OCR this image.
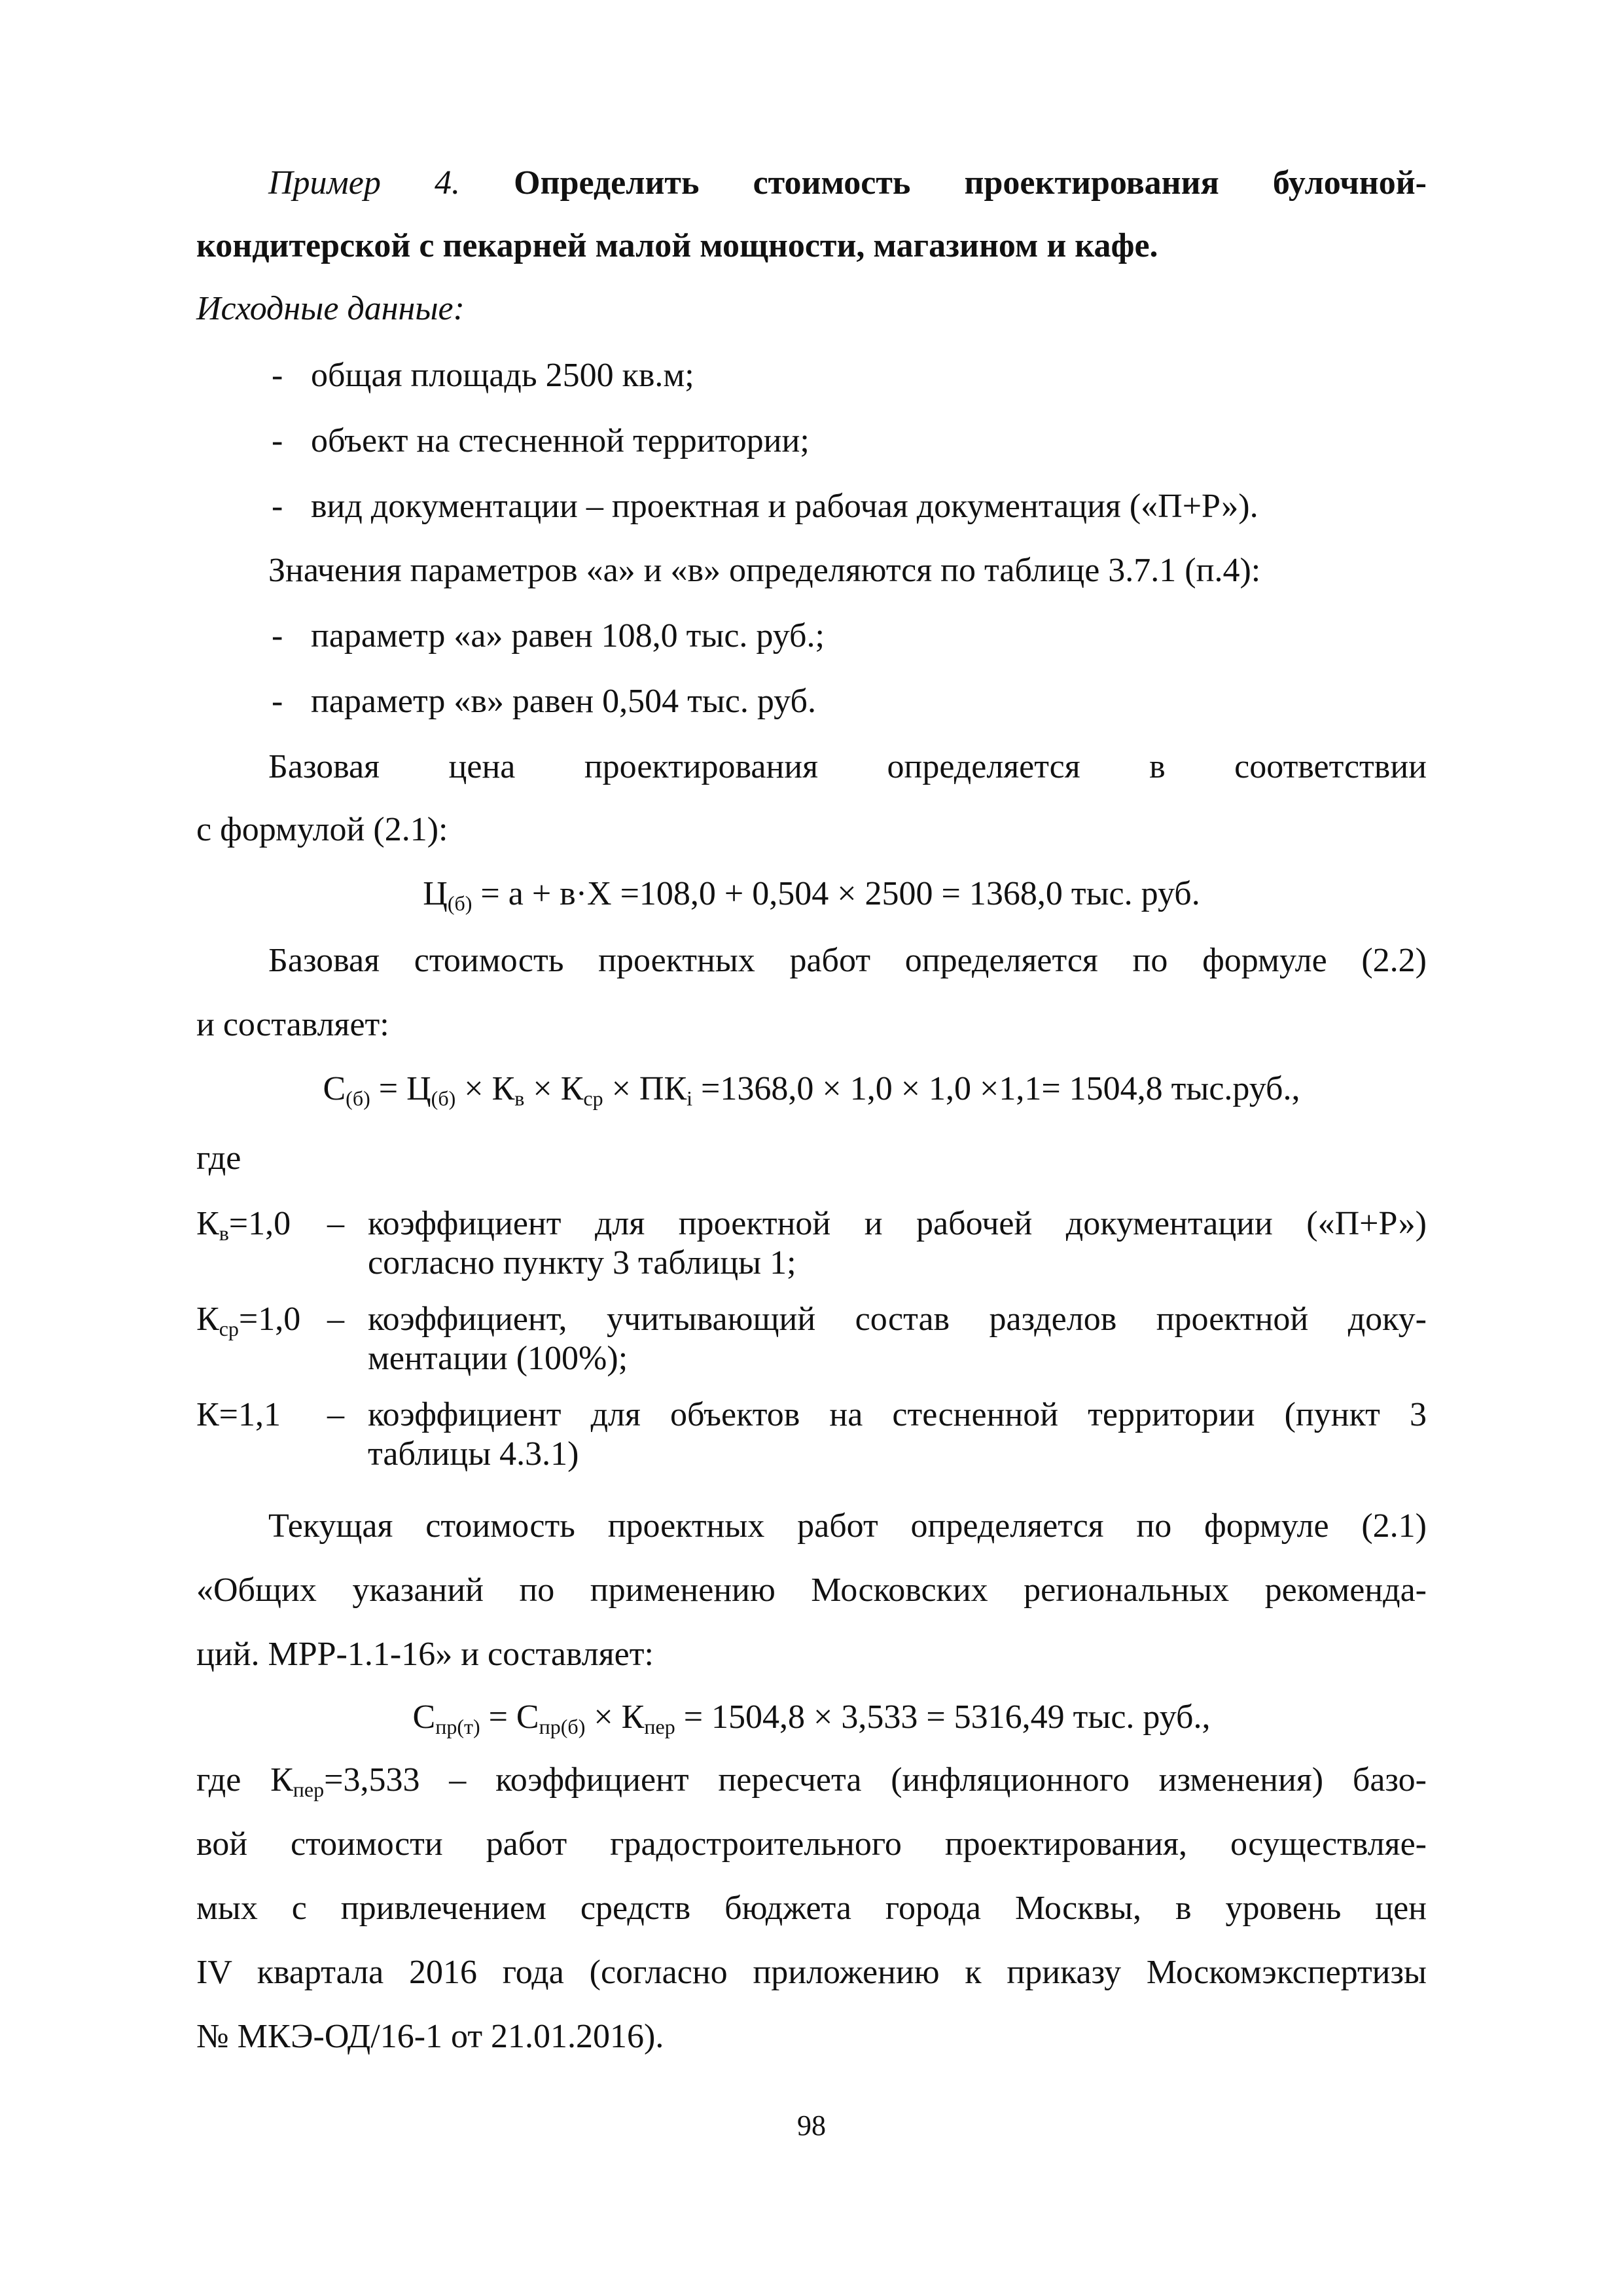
Пример 4. Определить стоимость проектирования булочной-
кондитерской с пекарней малой мощности, магазином и кафе.
Исходные данные:
- общая площадь 2500 кв.м;
- объект на стесненной территории;
- вид документации – проектная и рабочая документация («П+Р»).
Значения параметров «а» и «в» определяются по таблице 3.7.1 (п.4):
- параметр «а» равен 108,0 тыс. руб.;
- параметр «в» равен 0,504 тыс. руб.
Базовая цена проектирования определяется в соответствии
с формулой (2.1):
$Ц_{(б)} = а + в\cdot Х =108,0 + 0,504 \times 2500 = 1368,0$ тыс. руб.
Базовая стоимость проектных работ определяется по формуле (2.2)
и составляет:
$С_{(б)} = Ц_{(б)} \times К_в \times К_{ср} \times ПК_i =1368,0 \times 1,0 \times 1,0 \times 1,1= 1504,8$ тыс.руб.,
где
$К_в=1,0$	– коэффициент для проектной и рабочей документации («П+Р»)
согласно пункту 3 таблицы 1;
$К_{ср}=1,0$ – коэффициент, учитывающий состав разделов проектной доку-
ментации (100%);
К=1,1	– коэффициент для объектов на стесненной территории (пункт 3
таблицы 4.3.1)
Текущая стоимость проектных работ определяется по формуле (2.1)
«Общих указаний по применению Московских региональных рекоменда-
ций. МРР-1.1-16» и составляет:
$С_{пр(т)} = С_{пр(б)} \times К_{пер} = 1504,8 \times 3,533 = 5316,49$ тыс. руб.,
где $К_{пер}=3,533$ – коэффициент пересчета (инфляционного изменения) базо-
вой стоимости работ градостроительного проектирования, осуществляе-
мых с привлечением средств бюджета города Москвы, в уровень цен
IV квартала 2016 года (согласно приложению к приказу Москомэкспертизы
№ МКЭ-ОД/16-1 от 21.01.2016).
98
